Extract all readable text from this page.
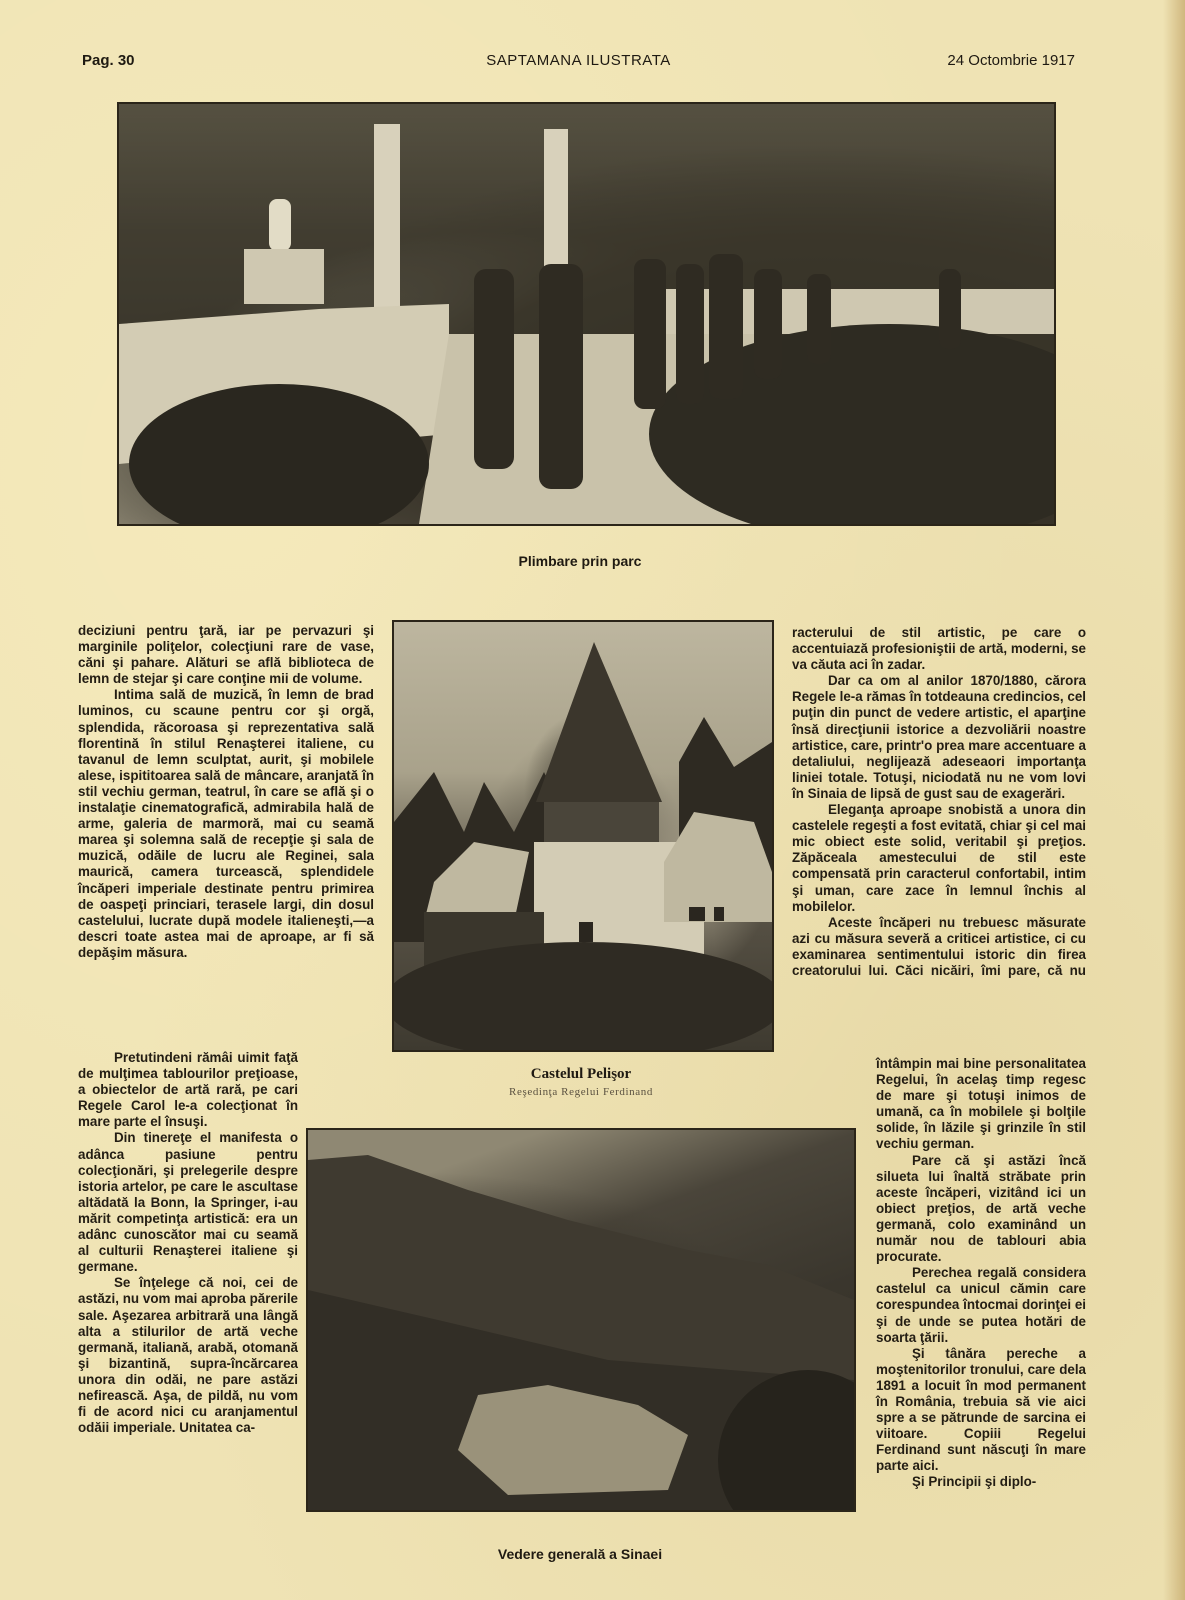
Pag. 30	SAPTAMANA ILUSTRATA	24 Octombrie 1917
Plimbare prin parc
Castelul Pelişor
Reşedinţa Regelui Ferdinand
Vedere generală a Sinaei

deciziuni pentru ţară, iar pe pervazuri şi marginile poliţelor, colecţiuni rare de vase, căni şi pahare. Alături se află biblioteca de lemn de stejar şi care conţine mii de volume.

Intima sală de muzică, în lemn de brad luminos, cu scaune pentru cor şi orgă, splendida, răcoroasa şi reprezentativa sală florentină în stilul Renaşterei italiene, cu tavanul de lemn sculptat, aurit, şi mobilele alese, ispititoarea sală de mâncare, aranjată în stil vechiu german, teatrul, în care se află şi o instalaţie cinematografică, admirabila hală de arme, galeria de marmoră, mai cu seamă marea şi solemna sală de recepţie şi sala de muzică, odăile de lucru ale Reginei, sala maurică, camera turcească, splendidele încăperi imperiale destinate pentru primirea de oaspeţi princiari, terasele largi, din dosul castelului, lucrate după modele italieneşti,—a descri toate astea mai de aproape, ar fi să depăşim măsura.

Pretutindeni rămâi uimit faţă de mulţimea tablourilor preţioase, a obiectelor de artă rară, pe cari Regele Carol le-a colecţionat în mare parte el însuşi.

Din tinereţe el manifesta o adânca pasiune pentru colecţionări, şi prelegerile despre istoria artelor, pe care le ascultase altădată la Bonn, la Springer, i-au mărit competinţa artistică: era un adânc cunoscător mai cu seamă al culturii Renaşterei italiene şi germane.

Se înţelege că noi, cei de astăzi, nu vom mai aproba părerile sale. Aşezarea arbitrară una lângă alta a stilurilor de artă veche germană, italiană, arabă, otomană şi bizantină, supra-încărcarea unora din odăi, ne pare astăzi nefirească. Aşa, de pildă, nu vom fi de acord nici cu aranjamentul odăii imperiale. Unitatea ca-

racterului de stil artistic, pe care o accentuiază profesioniştii de artă, moderni, se va căuta aci în zadar.

Dar ca om al anilor 1870/1880, cărora Regele le-a rămas în totdeauna credincios, cel puţin din punct de vedere artistic, el aparţine însă direcţiunii istorice a dezvoliării noastre artistice, care, printr'o prea mare accentuare a detaliului, neglijează adeseaori importanţa liniei totale. Totuşi, niciodată nu ne vom lovi în Sinaia de lipsă de gust sau de exagerări.

Eleganţa aproape snobistă a unora din castelele regeşti a fost evitată, chiar şi cel mai mic obiect este solid, veritabil şi preţios. Zăpăceala amestecului de stil este compensată prin caracterul confortabil, intim şi uman, care zace în lemnul închis al mobilelor.

Aceste încăperi nu trebuesc măsurate azi cu măsura severă a criticei artistice, ci cu examinarea sentimentului istoric din firea creatorului lui. Căci nicăiri, îmi pare, că nu

întâmpin mai bine personalitatea Regelui, în acelaş timp regesc de mare şi totuşi inimos de umană, ca în mobilele şi bolţile solide, în lăzile şi grinzile în stil vechiu german.

Pare că şi astăzi încă silueta lui înaltă străbate prin aceste încăperi, vizitând ici un obiect preţios, de artă veche germană, colo examinând un număr nou de tablouri abia procurate.

Perechea regală considera castelul ca unicul cămin care corespundea întocmai dorinţei ei şi de unde se putea hotări de soarta ţării.

Şi tânăra pereche a moştenitorilor tronului, care dela 1891 a locuit în mod permanent în România, trebuia să vie aici spre a se pătrunde de sarcina ei viitoare. Copiii Regelui Ferdinand sunt născuţi în mare parte aici.

Şi Principii şi diplo-
